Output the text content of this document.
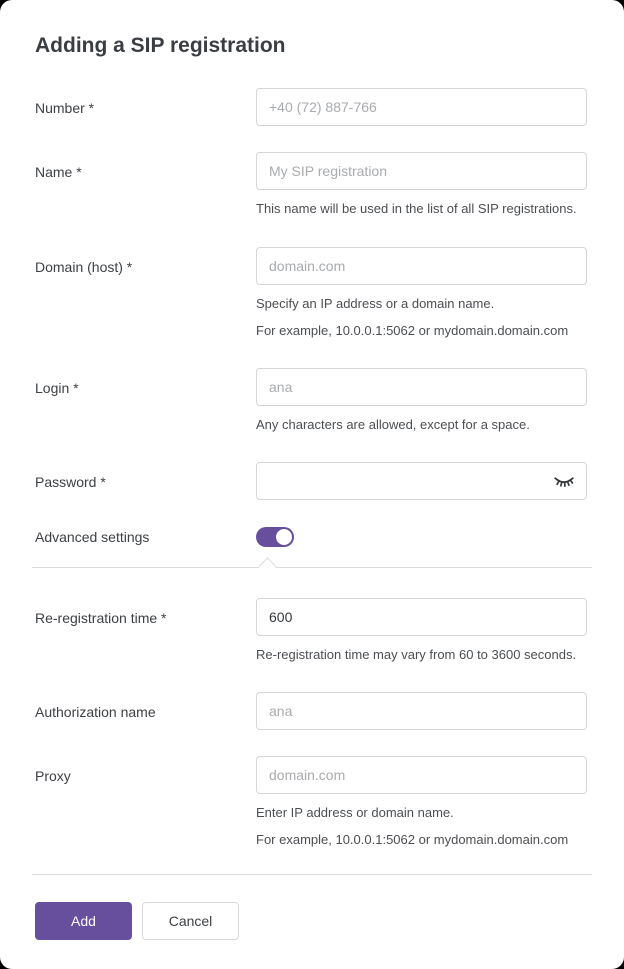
Adding a SIP registration
Number *
+40 (72) 887-766
Name *
My SIP registration

This name will be used in the list of all SIP registrations.

Domain (host) *
domain.com

Specify an IP address or a domain name.

For example, 10.0.0.1:5062 or mydomain.domain.com

Login *
ana

Any characters are allowed, except for a space.

Password *
Advanced settings
Re-registration time *
600

Re-registration time may vary from 60 to 3600 seconds.

Authorization name
ana
Proxy
domain.com

Enter IP address or domain name.

For example, 10.0.0.1:5062 or mydomain.domain.com

Add	Cancel
